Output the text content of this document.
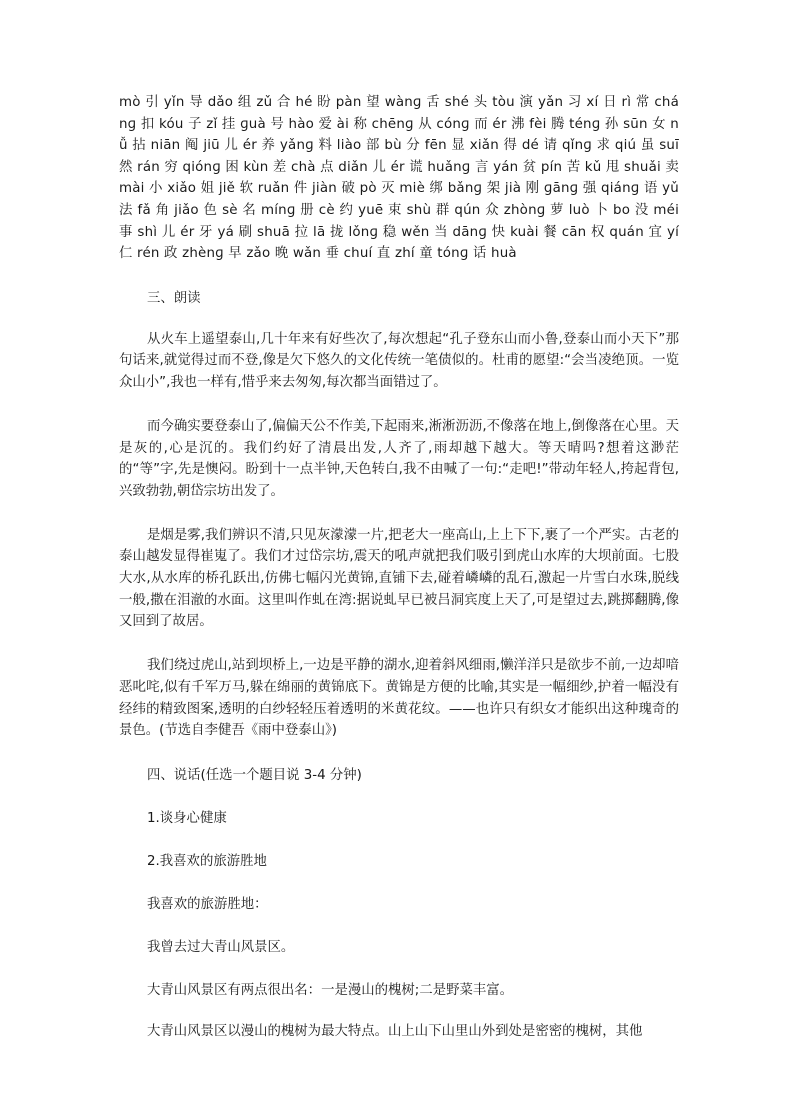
mò 引 yǐn 导 dǎo 组 zǔ 合 hé 盼 pàn 望 wànɡ 舌 shé 头 tòu 演 yǎn 习 xí 日 rì 常 chánɡ 扣 kóu 子 zǐ 挂 ɡuà 号 hào 爱 ài 称 chēnɡ 从 cónɡ 而 ér 沸 fèi 腾 ténɡ 孙 sūn 女 nǚ 拈 niān 阄 jiū 儿 ér 养 yǎnɡ 料 liào 部 bù 分 fēn 显 xiǎn 得 dé 请 qǐnɡ 求 qiú 虽 suī 然 rán 穷 qiónɡ 困 kùn 差 chà 点 diǎn 儿 ér 谎 huǎnɡ 言 yán 贫 pín 苦 kǔ 甩 shuǎi 卖 mài 小 xiǎo 姐 jiě 软 ruǎn 件 jiàn 破 pò 灭 miè 绑 bǎnɡ 架 jià 刚 ɡānɡ 强 qiánɡ 语 yǔ 法 fǎ 角 jiǎo 色 sè 名 mínɡ 册 cè 约 yuē 束 shù 群 qún 众 zhònɡ 萝 luò 卜 bo 没 méi 事 shì 儿 ér 牙 yá 刷 shuā 拉 lā 拢 lǒnɡ 稳 wěn 当 dānɡ 快 kuài 餐 cān 权 quán 宜 yí 仁 rén 政 zhènɡ 早 zǎo 晚 wǎn 垂 chuí 直 zhí 童 tónɡ 话 huà

三、朗读

从火车上遥望泰山,几十年来有好些次了,每次想起“孔子登东山而小鲁,登泰山而小天下”那句话来,就觉得过而不登,像是欠下悠久的文化传统一笔债似的。杜甫的愿望:“会当凌绝顶。一览众山小”,我也一样有,惜乎来去匆匆,每次都当面错过了。

而今确实要登泰山了,偏偏天公不作美,下起雨来,淅淅沥沥,不像落在地上,倒像落在心里。天是灰的,心是沉的。我们约好了清晨出发,人齐了,雨却越下越大。等天晴吗?想着这渺茫的“等”字,先是懊闷。盼到十一点半钟,天色转白,我不由喊了一句:“走吧!”带动年轻人,挎起背包,兴致勃勃,朝岱宗坊出发了。

是烟是雾,我们辨识不清,只见灰濛濛一片,把老大一座高山,上上下下,裹了一个严实。古老的泰山越发显得崔嵬了。我们才过岱宗坊,震天的吼声就把我们吸引到虎山水库的大坝前面。七股大水,从水库的桥孔跃出,仿佛七幅闪光黄锦,直铺下去,碰着嶙嶙的乱石,激起一片雪白水珠,脱线一般,撒在泪澈的水面。这里叫作虬在湾:据说虬早已被吕洞宾度上天了,可是望过去,跳掷翻腾,像又回到了故居。

我们绕过虎山,站到坝桥上,一边是平静的湖水,迎着斜风细雨,懒洋洋只是欲步不前,一边却喑恶叱咤,似有千军万马,躲在绵丽的黄锦底下。黄锦是方便的比喻,其实是一幅细纱,护着一幅没有经纬的精致图案,透明的白纱轻轻压着透明的米黄花纹。——也许只有织女才能织出这种瑰奇的景色。(节选自李健吾《雨中登泰山》)

四、说话(任选一个题目说 3-4 分钟)
1.谈身心健康
2.我喜欢的旅游胜地
我喜欢的旅游胜地：
我曾去过大青山风景区。
大青山风景区有两点很出名：一是漫山的槐树;二是野菜丰富。

大青山风景区以漫山的槐树为最大特点。山上山下山里山外到处是密密的槐树，其他
